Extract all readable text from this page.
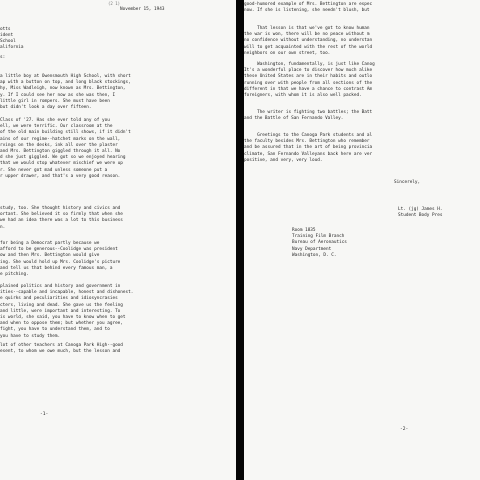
(2 1)
November 15, 1943
otts
ident
School
alifornia
s:
a little boy at Owensmouth High School, with short
ap with a button on top, and long black stockings,
hy, Miss Wadleigh, now known as Mrs. Bettington,
y. If I could see her now as she was then, I
little girl in rompers. She must have been
but didn't look a day over fifteen.
Class of '27. Has she ever told any of you
ell, we were terrific. Our classroom at the
of the old main building still shows, if it didn't
ains of our regime--hatchet marks on the wall,
rvings on the desks, ink all over the plaster
and Mrs. Bettington giggled through it all. No
d she just giggled. We got so we enjoyed hearing
that we would stop whatever mischief we were up
r. She never got mad unless someone put a
r upper drawer, and that's a very good reason.
study, too. She thought history and civics and
ortant. She believed it so firmly that when she
we had an idea there was a lot to this business
n.
for being a Democrat partly because we
afford to be generous--Coolidge was president
ow and then Mrs. Bettington would give
ing. She would hold up Mrs. Coolidge's picture
and tell us that behind every famous man, a
e pitching.
plained politics and history and government in
ities--capable and incapable, honest and dishonest.
e quirks and peculiarities and idiosyncrasies
cters, living and dead. She gave us the feeling
and little, were important and interesting. To
is world, she said, you have to know when to get
and when to oppose them; but whether you agree,
fight, you have to understand them, and to
you have to study them.
lot of other teachers at Canoga Park High--good
esent, to whom we owe much, but the lesson and
-1-
good-humored example of Mrs. Bettington are espec
now. If she is listening, she needn't blush, but
That lesson is that we've got to know human
the war is won, there will be no peace without m
no confidence without understanding, no understan
will to get acquainted with the rest of the world
neighbors on our own street, too.
Washington, fundamentally, is just like Canog
It's a wonderful place to discover how much alike
these United States are in their habits and outlo
running over with people from all sections of the
different in that we have a chance to contrast Am
foreigners, with whom it is also well packed.
The writer is fighting two battles; the Batt
and the Battle of San Fernando Valley.
Greetings to the Canoga Park students and al
the faculty besides Mrs. Bettington who remember
and be assured that in the art of being provincia
climate, San Fernando Valleyans back here are ver
positive, and very, very loud.
Sincerely,
Lt. (jg) James H.
Student Body Pres
Room 1835
Training Film Branch
Bureau of Aeronautics
Navy Department
Washington, D. C.
-2-
